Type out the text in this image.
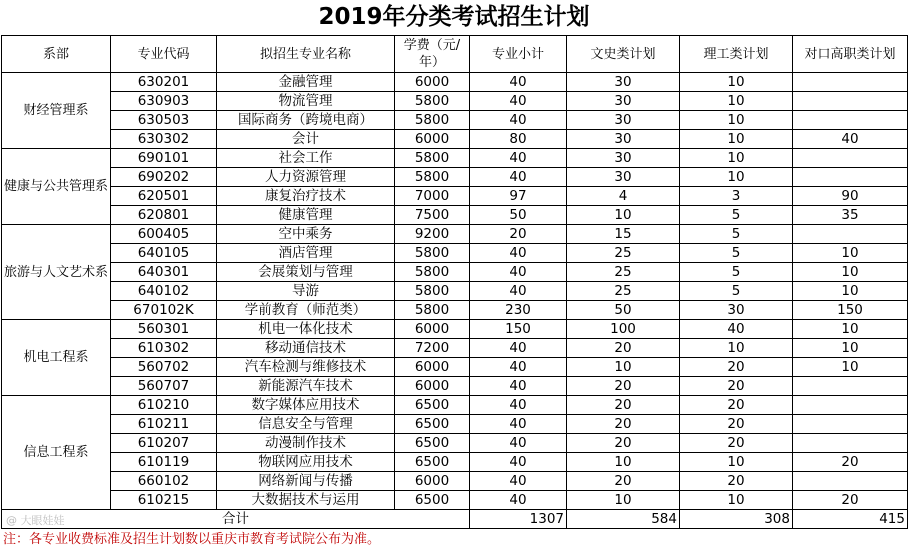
2019年分类考试招生计划
系部	专业代码	拟招生专业名称	学费（元/年）	专业小计	文史类计划	理工类计划	对口高职类计划
财经管理系	630201	金融管理	6000	40	30	10	
	630903	物流管理	5800	40	30	10	
	630503	国际商务（跨境电商）	5800	40	30	10	
	630302	会计	6000	80	30	10	40
健康与公共管理系	690101	社会工作	5800	40	30	10	
	690202	人力资源管理	5800	40	30	10	
	620501	康复治疗技术	7000	97	4	3	90
	620801	健康管理	7500	50	10	5	35
旅游与人文艺术系	600405	空中乘务	9200	20	15	5	
	640105	酒店管理	5800	40	25	5	10
	640301	会展策划与管理	5800	40	25	5	10
	640102	导游	5800	40	25	5	10
	670102K	学前教育（师范类）	5800	230	50	30	150
机电工程系	560301	机电一体化技术	6000	150	100	40	10
	610302	移动通信技术	7200	40	20	10	10
	560702	汽车检测与维修技术	6000	40	10	20	10
	560707	新能源汽车技术	6000	40	20	20	
信息工程系	610210	数字媒体应用技术	6500	40	20	20	
	610211	信息安全与管理	6500	40	20	20	
	610207	动漫制作技术	6500	40	20	20	
	610119	物联网应用技术	6500	40	10	10	20
	660102	网络新闻与传播	6000	40	20	20	
	610215	大数据技术与运用	6500	40	10	10	20
合计				1307	584	308	415
@ 大眼娃娃
注：各专业收费标准及招生计划数以重庆市教育考试院公布为准。
